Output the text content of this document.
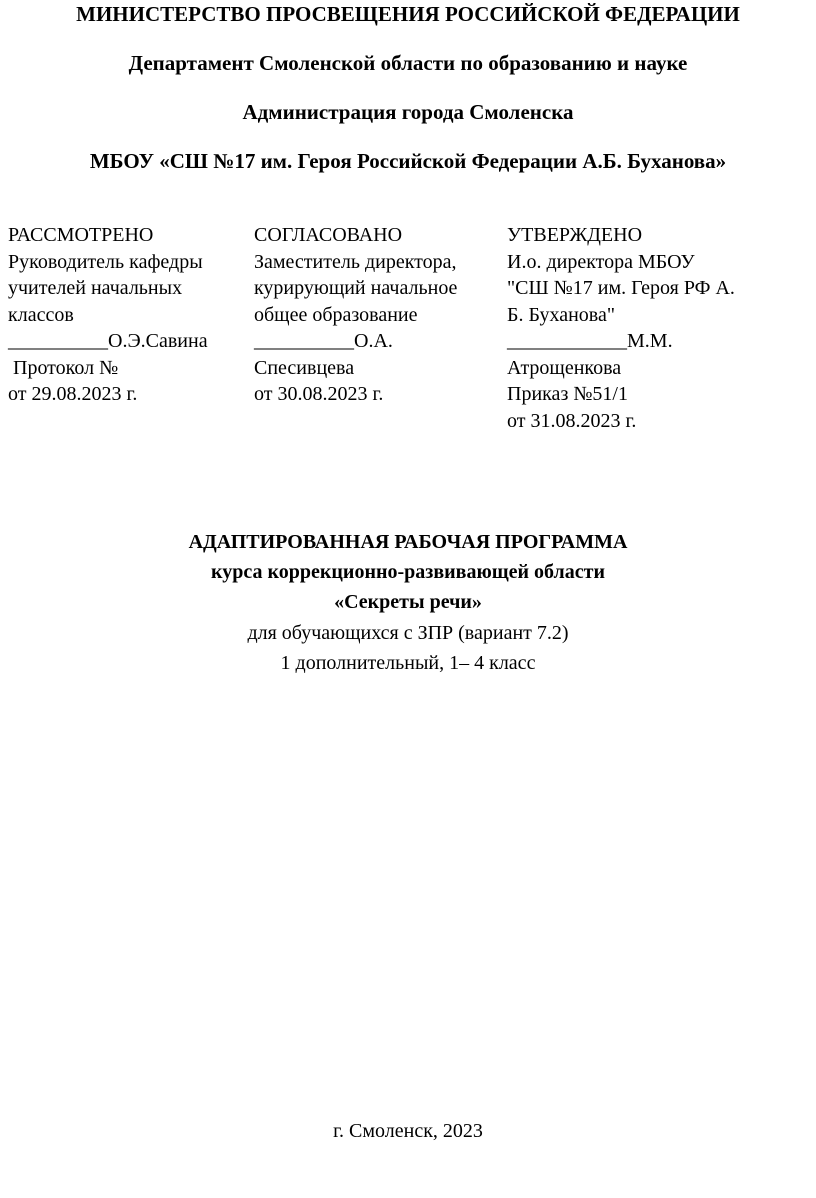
МИНИСТЕРСТВО ПРОСВЕЩЕНИЯ РОССИЙСКОЙ ФЕДЕРАЦИИ
Департамент Смоленской области по образованию и науке
Администрация города Смоленска
МБОУ «СШ №17 им. Героя Российской Федерации А.Б. Буханова»
РАССМОТРЕНО
Руководитель кафедры
учителей начальных
классов
__________О.Э.Савина
Протокол №
от 29.08.2023 г.
СОГЛАСОВАНО
Заместитель директора,
курирующий начальное
общее образование
__________О.А.
Спесивцева
от 30.08.2023 г.
УТВЕРЖДЕНО
И.о. директора МБОУ
"СШ №17 им. Героя РФ А.
Б. Буханова"
____________М.М.
Атрощенкова
Приказ №51/1
от 31.08.2023 г.
АДАПТИРОВАННАЯ РАБОЧАЯ ПРОГРАММА
курса коррекционно-развивающей области
«Секреты речи»
для обучающихся с ЗПР (вариант 7.2)
1 дополнительный, 1– 4 класс
г. Смоленск, 2023
